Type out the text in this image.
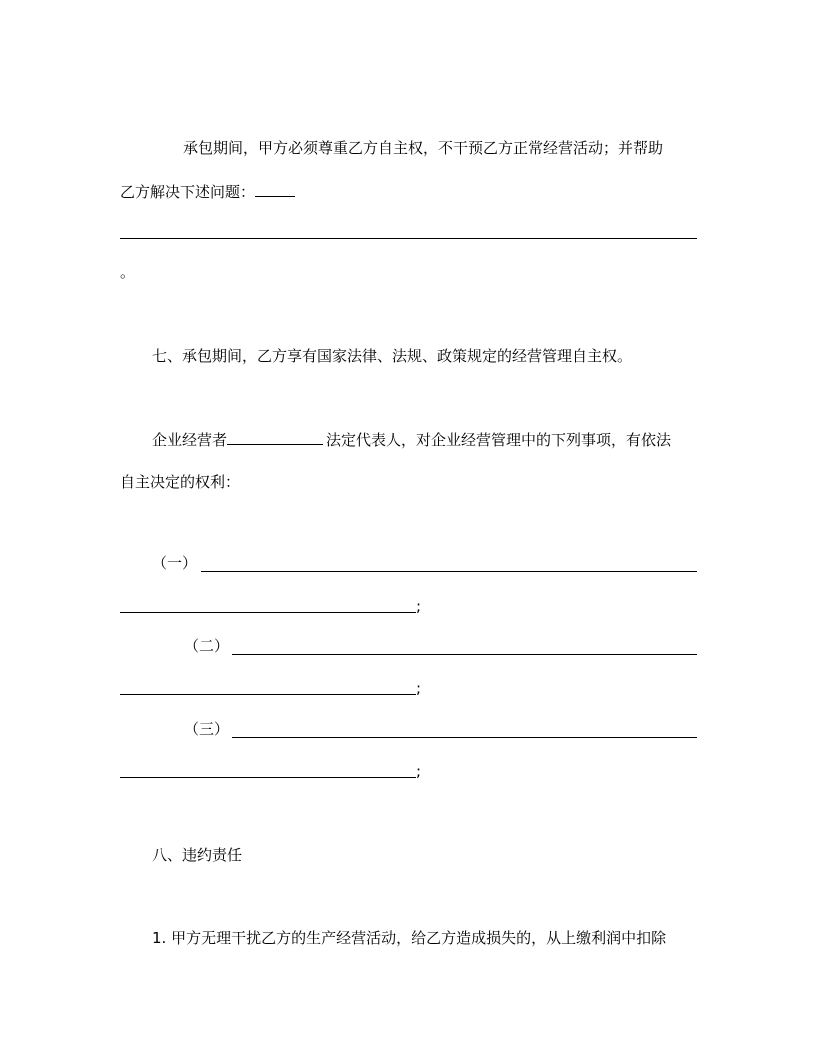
承包期间，甲方必须尊重乙方自主权，不干预乙方正常经营活动；并帮助
乙方解决下述问题：
。
七、承包期间，乙方享有国家法律、法规、政策规定的经营管理自主权。
企业经营者	法定代表人，对企业经营管理中的下列事项，有依法
自主决定的权利：
（一）
;
（二）
;
（三）
;
八、违约责任
1. 甲方无理干扰乙方的生产经营活动，给乙方造成损失的，从上缴利润中扣除
